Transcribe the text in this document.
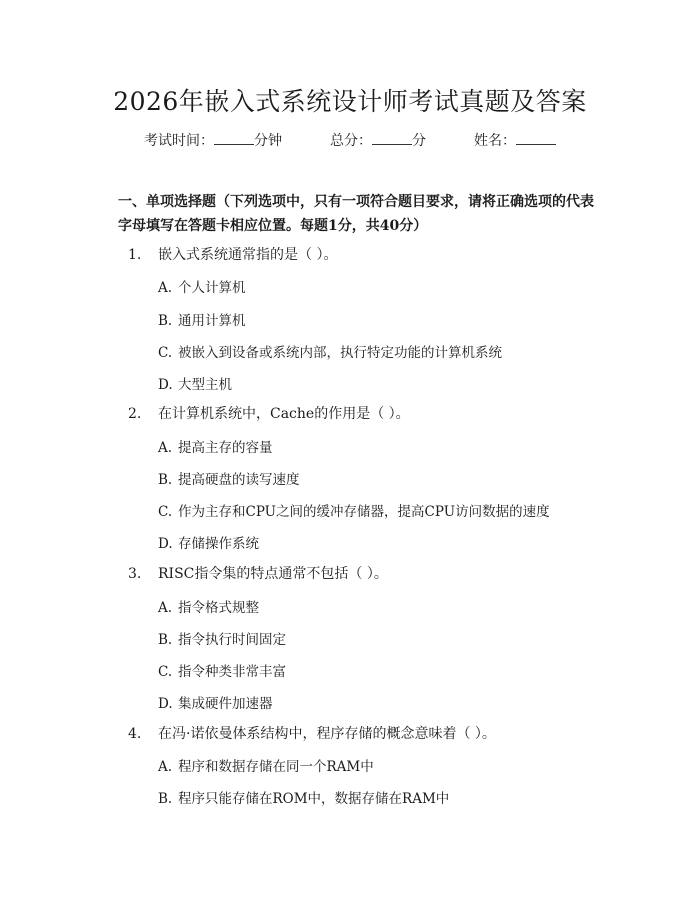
2026年嵌入式系统设计师考试真题及答案
考试时间：	分钟	总分：	分	姓名：
一、单项选择题（下列选项中，只有一项符合题目要求，请将正确选项的代表字母填写在答题卡相应位置。每题1分，共40分）
1. 嵌入式系统通常指的是（ ）。
A. 个人计算机
B. 通用计算机
C. 被嵌入到设备或系统内部，执行特定功能的计算机系统
D. 大型主机
2. 在计算机系统中，Cache的作用是（ ）。
A. 提高主存的容量
B. 提高硬盘的读写速度
C. 作为主存和CPU之间的缓冲存储器，提高CPU访问数据的速度
D. 存储操作系统
3. RISC指令集的特点通常不包括（ ）。
A. 指令格式规整
B. 指令执行时间固定
C. 指令种类非常丰富
D. 集成硬件加速器
4. 在冯·诺依曼体系结构中，程序存储的概念意味着（ ）。
A. 程序和数据存储在同一个RAM中
B. 程序只能存储在ROM中，数据存储在RAM中
